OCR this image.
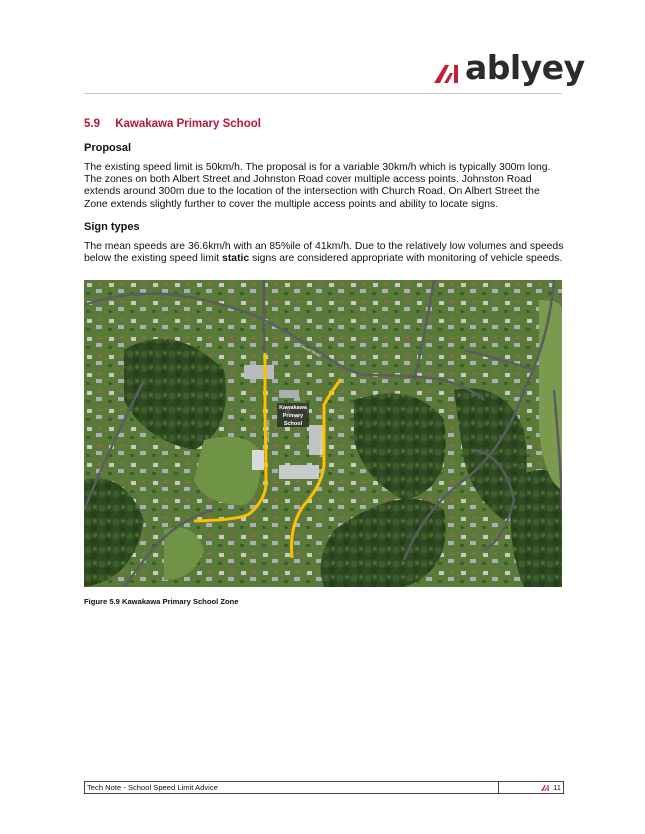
ablyey
5.9 Kawakawa Primary School
Proposal
The existing speed limit is 50km/h. The proposal is for a variable 30km/h which is typically 300m long. The zones on both Albert Street and Johnston Road cover multiple access points. Johnston Road extends around 300m due to the location of the intersection with Church Road. On Albert Street the Zone extends slightly further to cover the multiple access points and ability to locate signs.
Sign types
The mean speeds are 36.6km/h with an 85%ile of 41km/h. Due to the relatively low volumes and speeds below the existing speed limit static signs are considered appropriate with monitoring of vehicle speeds.
Kawakawa
Primary
School
Church Road
Albert Street	Johnston Road
Figure 5.9 Kawakawa Primary School Zone
Tech Note - School Speed Limit Advice	11
